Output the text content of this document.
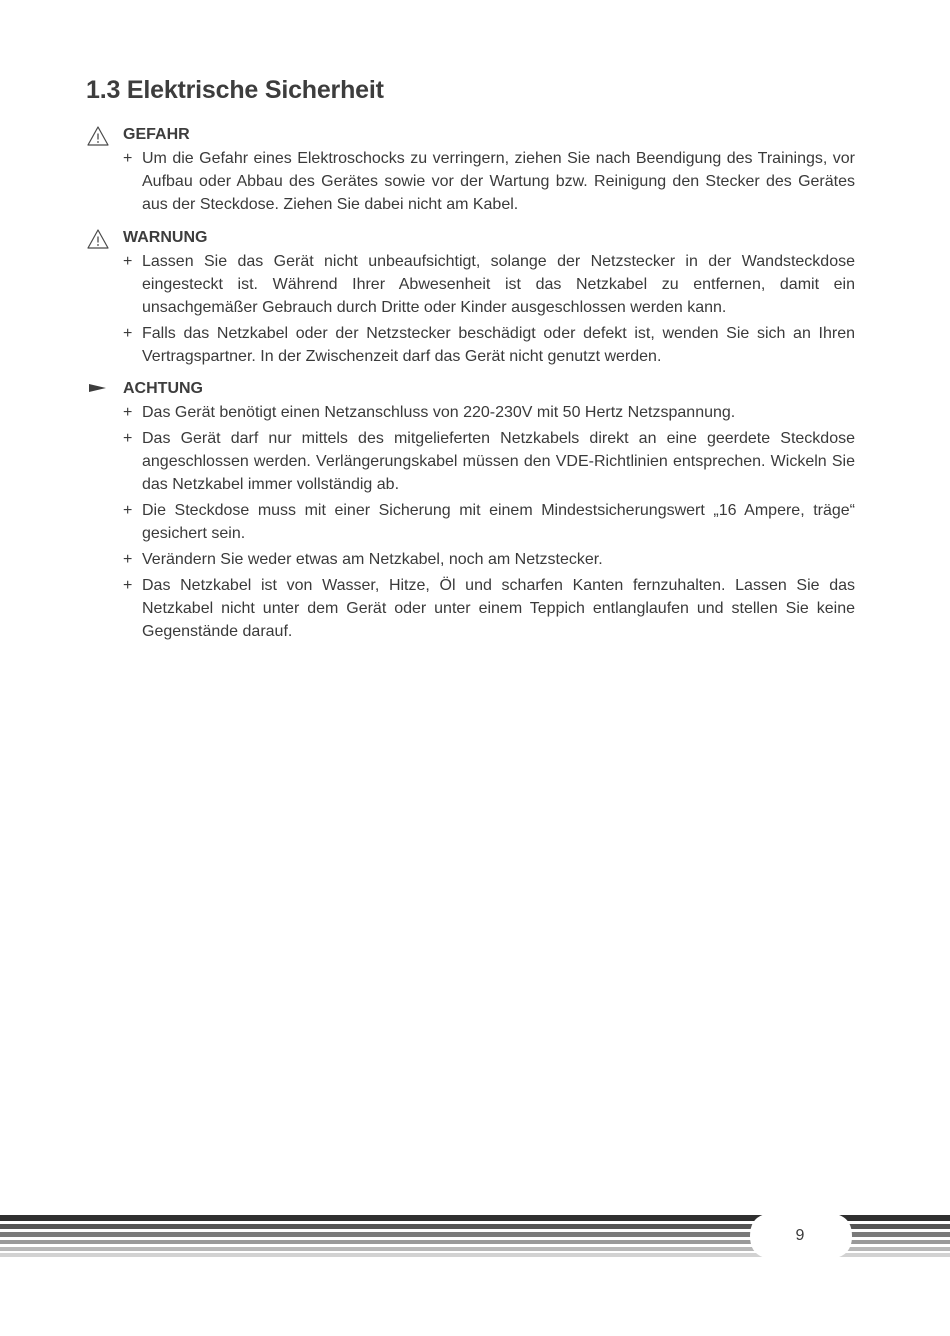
1.3 Elektrische Sicherheit
GEFAHR
+ Um die Gefahr eines Elektroschocks zu verringern, ziehen Sie nach Beendigung des Trainings, vor Aufbau oder Abbau des Gerätes sowie vor der Wartung bzw. Reinigung den Stecker des Gerätes aus der Steckdose. Ziehen Sie dabei nicht am Kabel.
WARNUNG
+ Lassen Sie das Gerät nicht unbeaufsichtigt, solange der Netzstecker in der Wandsteckdose eingesteckt ist. Während Ihrer Abwesenheit ist das Netzkabel zu entfernen, damit ein unsachgemäßer Gebrauch durch Dritte oder Kinder ausgeschlossen werden kann.
+ Falls das Netzkabel oder der Netzstecker beschädigt oder defekt ist, wenden Sie sich an Ihren Vertragspartner. In der Zwischenzeit darf das Gerät nicht genutzt werden.
ACHTUNG
+ Das Gerät benötigt einen Netzanschluss von 220-230V mit 50 Hertz Netzspannung.
+ Das Gerät darf nur mittels des mitgelieferten Netzkabels direkt an eine geerdete Steckdose angeschlossen werden. Verlängerungskabel müssen den VDE-Richtlinien entsprechen. Wickeln Sie das Netzkabel immer vollständig ab.
+ Die Steckdose muss mit einer Sicherung mit einem Mindestsicherungswert „16 Ampere, träge“ gesichert sein.
+ Verändern Sie weder etwas am Netzkabel, noch am Netzstecker.
+ Das Netzkabel ist von Wasser, Hitze, Öl und scharfen Kanten fernzuhalten. Lassen Sie das Netzkabel nicht unter dem Gerät oder unter einem Teppich entlanglaufen und stellen Sie keine Gegenstände darauf.
9
